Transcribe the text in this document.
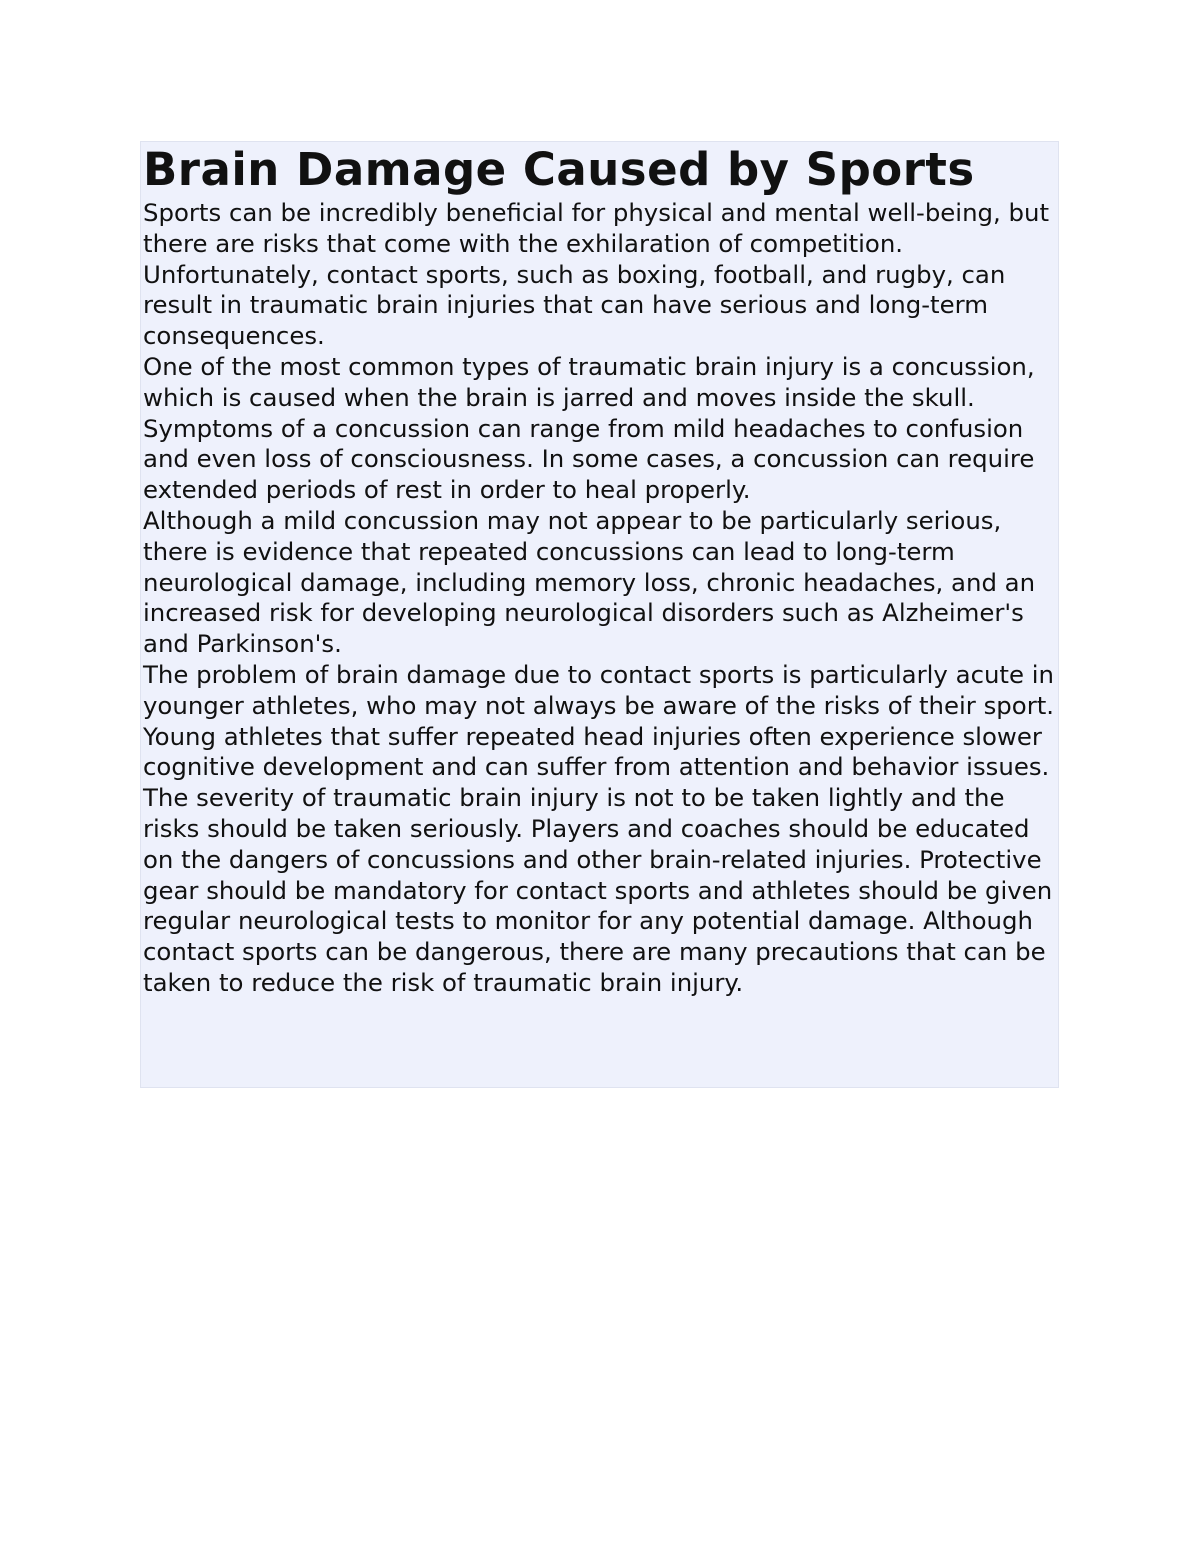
Brain Damage Caused by Sports

Sports can be incredibly beneficial for physical and mental well-being, but there are risks that come with the exhilaration of competition. Unfortunately, contact sports, such as boxing, football, and rugby, can result in traumatic brain injuries that can have serious and long-term consequences.

One of the most common types of traumatic brain injury is a concussion, which is caused when the brain is jarred and moves inside the skull. Symptoms of a concussion can range from mild headaches to confusion and even loss of consciousness. In some cases, a concussion can require extended periods of rest in order to heal properly.

Although a mild concussion may not appear to be particularly serious, there is evidence that repeated concussions can lead to long-term neurological damage, including memory loss, chronic headaches, and an increased risk for developing neurological disorders such as Alzheimer's and Parkinson's.

The problem of brain damage due to contact sports is particularly acute in younger athletes, who may not always be aware of the risks of their sport. Young athletes that suffer repeated head injuries often experience slower cognitive development and can suffer from attention and behavior issues.

The severity of traumatic brain injury is not to be taken lightly and the risks should be taken seriously. Players and coaches should be educated on the dangers of concussions and other brain-related injuries. Protective gear should be mandatory for contact sports and athletes should be given regular neurological tests to monitor for any potential damage. Although contact sports can be dangerous, there are many precautions that can be taken to reduce the risk of traumatic brain injury.
